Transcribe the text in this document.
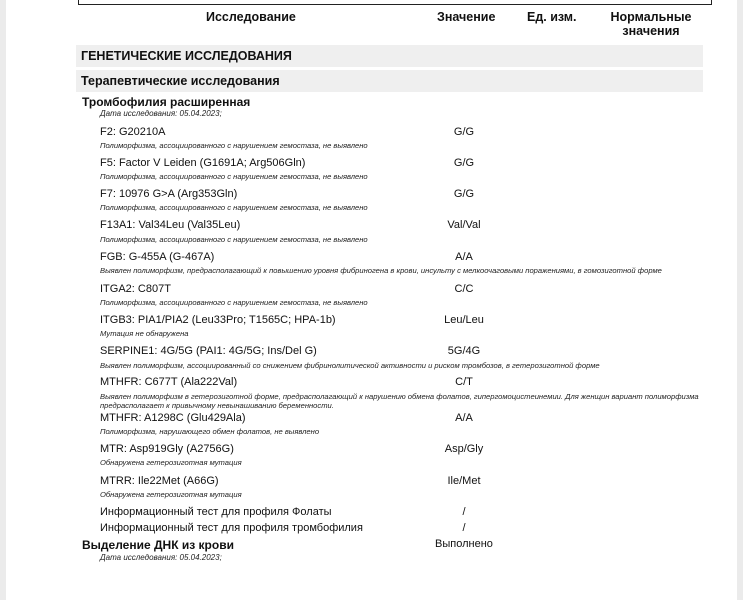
Исследование	Значение	Ед. изм.	Нормальные
значения
ГЕНЕТИЧЕСКИЕ ИССЛЕДОВАНИЯ
Терапевтические исследования
Тромбофилия расширенная
Дата исследования: 05.04.2023;
F2: G20210A	G/G
Полиморфизма, ассоциированного с нарушением гемостаза, не выявлено
F5: Factor V Leiden (G1691A; Arg506Gln)	G/G
Полиморфизма, ассоциированного с нарушением гемостаза, не выявлено
F7: 10976 G>A (Arg353Gln)	G/G
Полиморфизма, ассоциированного с нарушением гемостаза, не выявлено
F13A1: Val34Leu (Val35Leu)	Val/Val
Полиморфизма, ассоциированного с нарушением гемостаза, не выявлено
FGB: G-455A (G-467A)	A/A
Выявлен полиморфизм, предрасполагающий к повышению уровня фибриногена в крови, инсульту с мелкоочаговыми поражениями, в гомозиготной форме
ITGA2: C807T	C/C
Полиморфизма, ассоциированного с нарушением гемостаза, не выявлено
ITGB3: PIA1/PIA2 (Leu33Pro; T1565C; HPA-1b)	Leu/Leu
Мутация не обнаружена
SERPINE1: 4G/5G (PAI1: 4G/5G; Ins/Del G)	5G/4G
Выявлен полиморфизм, ассоциированный со снижением фибринолитической активности и риском тромбозов, в гетерозиготной форме
MTHFR: C677T (Ala222Val)	C/T
Выявлен полиморфизм в гетерозиготной форме, предрасполагающий к нарушению обмена фолатов, гипергомоцистеинемии. Для женщин вариант полиморфизма предрасполагает к привычному невынашиванию беременности.
MTHFR: A1298C (Glu429Ala)	A/A
Полиморфизма, нарушающего обмен фолатов, не выявлено
MTR: Asp919Gly (A2756G)	Asp/Gly
Обнаружена гетерозиготная мутация
MTRR: Ile22Met (A66G)	Ile/Met
Обнаружена гетерозиготная мутация
Информационный тест для профиля Фолаты	/
Информационный тест для профиля тромбофилия	/
Выделение ДНК из крови	Выполнено
Дата исследования: 05.04.2023;
